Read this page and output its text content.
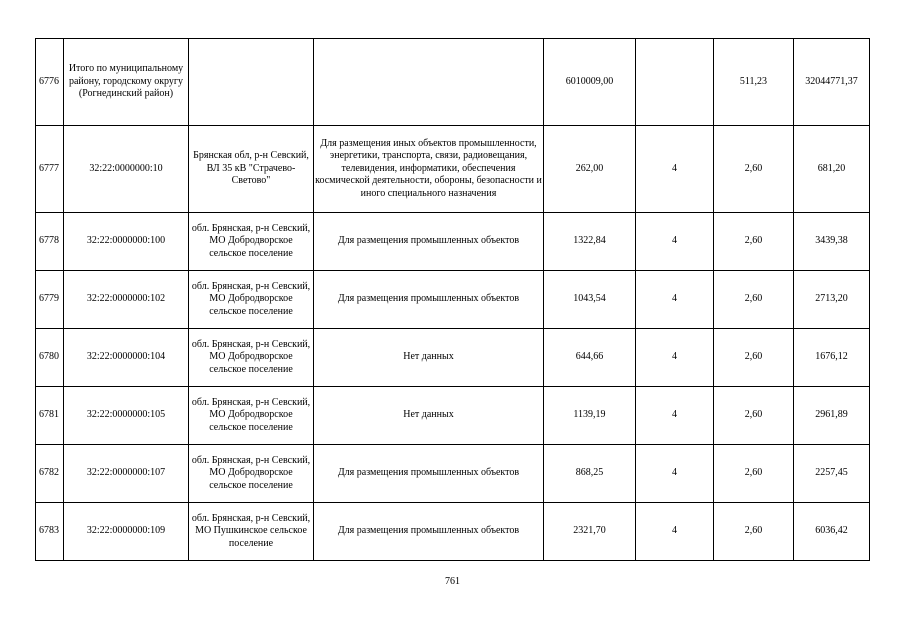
6776	Итого по муниципальному району, городскому округу (Рогнединский район)			6010009,00		511,23	32044771,37
6777	32:22:0000000:10	Брянская обл, р-н Севский, ВЛ 35 кВ "Страчево-Светово"	Для размещения иных объектов промышленности, энергетики, транспорта, связи, радиовещания, телевидения, информатики, обеспечения космической деятельности, обороны, безопасности и иного специального назначения	262,00	4	2,60	681,20
6778	32:22:0000000:100	обл. Брянская, р-н Севский, МО Добродворское сельское поселение	Для размещения промышленных объектов	1322,84	4	2,60	3439,38
6779	32:22:0000000:102	обл. Брянская, р-н Севский, МО Добродворское сельское поселение	Для размещения промышленных объектов	1043,54	4	2,60	2713,20
6780	32:22:0000000:104	обл. Брянская, р-н Севский, МО Добродворское сельское поселение	Нет данных	644,66	4	2,60	1676,12
6781	32:22:0000000:105	обл. Брянская, р-н Севский, МО Добродворское сельское поселение	Нет данных	1139,19	4	2,60	2961,89
6782	32:22:0000000:107	обл. Брянская, р-н Севский, МО Добродворское сельское поселение	Для размещения промышленных объектов	868,25	4	2,60	2257,45
6783	32:22:0000000:109	обл. Брянская, р-н Севский, МО Пушкинское сельское поселение	Для размещения промышленных объектов	2321,70	4	2,60	6036,42
761
